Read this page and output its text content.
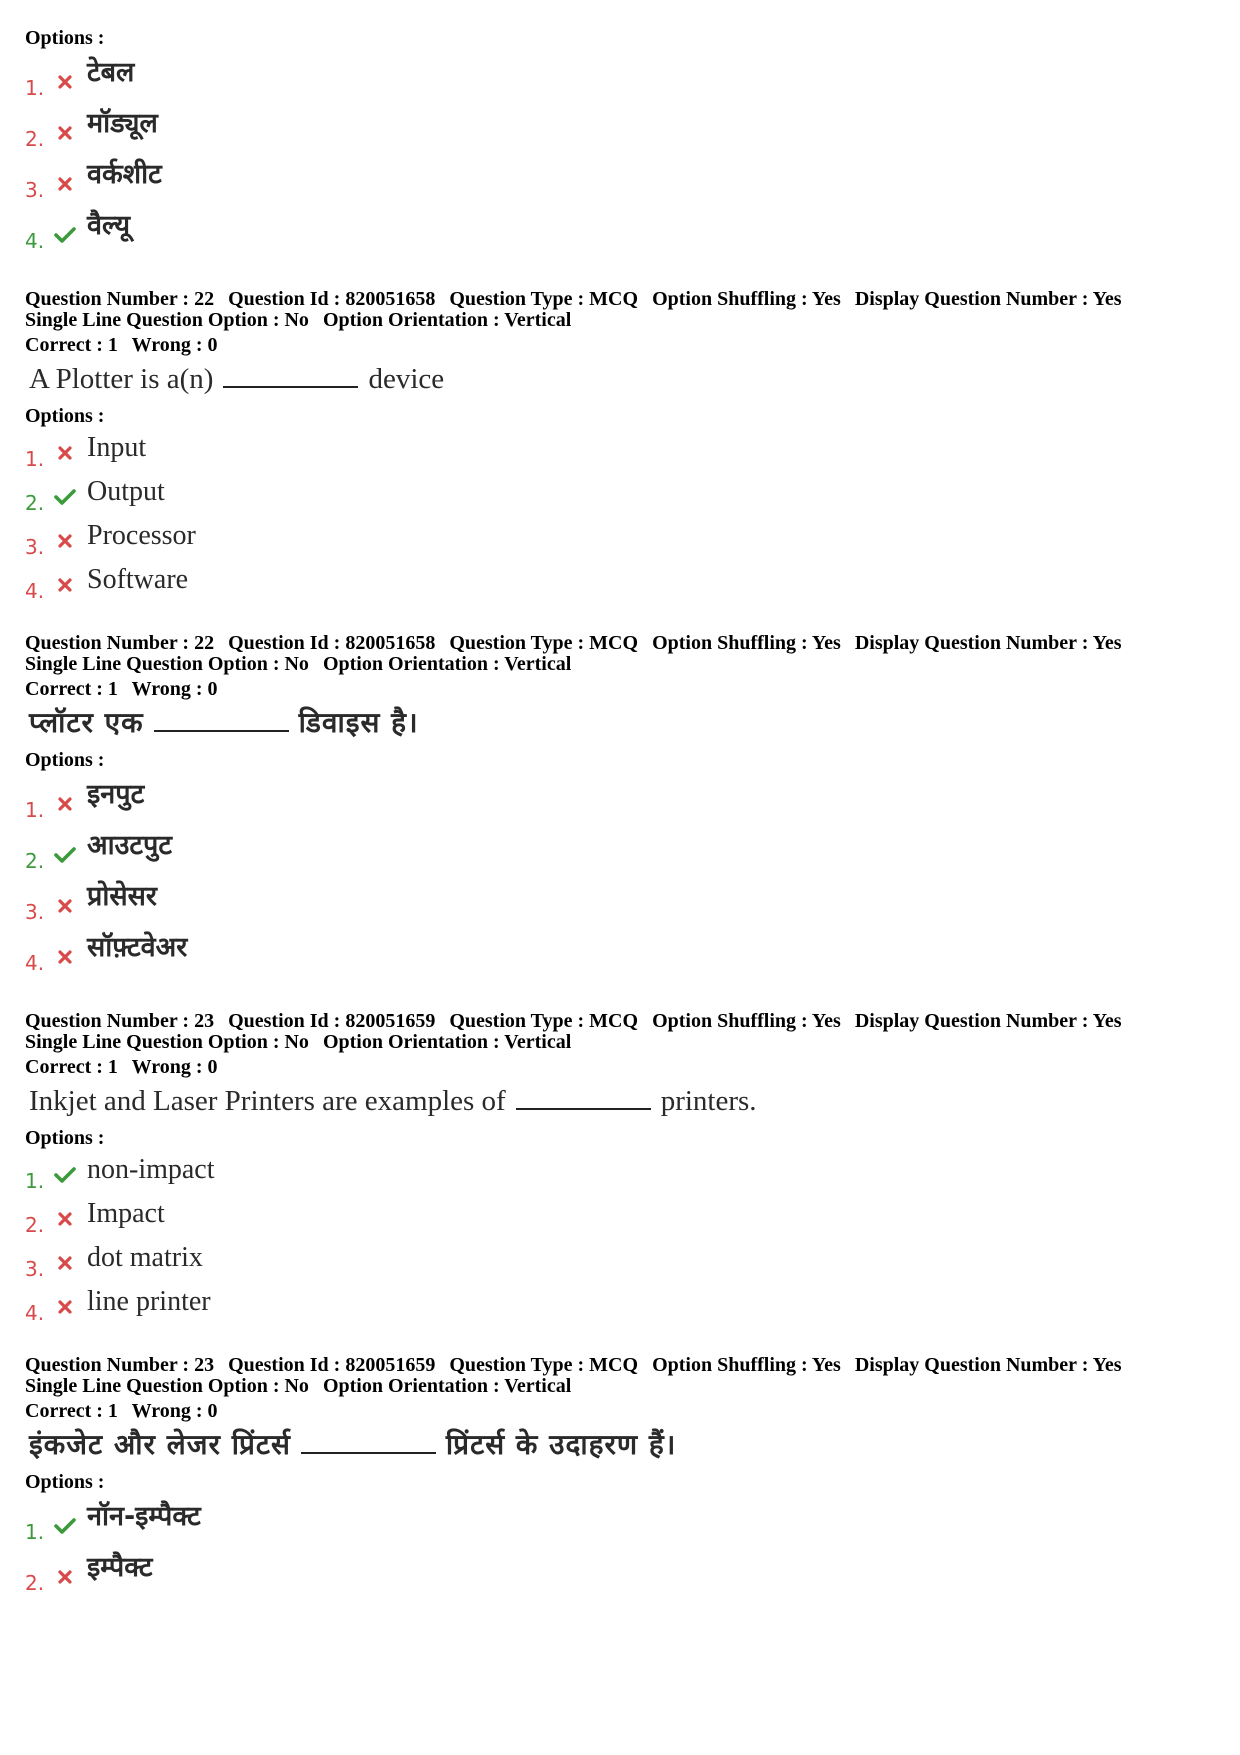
Options :
1. टेबल
2. मॉड्यूल
3. वर्कशीट
4. वैल्यू
Question Number : 22 Question Id : 820051658 Question Type : MCQ Option Shuffling : Yes Display Question Number : Yes
Single Line Question Option : No Option Orientation : Vertical
Correct : 1 Wrong : 0
A Plotter is a(n)	device
Options :
1. Input
2. Output
3. Processor
4. Software
Question Number : 22 Question Id : 820051658 Question Type : MCQ Option Shuffling : Yes Display Question Number : Yes
Single Line Question Option : No Option Orientation : Vertical
Correct : 1 Wrong : 0
प्लॉटर एक	डिवाइस है।
Options :
1. इनपुट
2. आउटपुट
3. प्रोसेसर
4. सॉफ़्टवेअर
Question Number : 23 Question Id : 820051659 Question Type : MCQ Option Shuffling : Yes Display Question Number : Yes
Single Line Question Option : No Option Orientation : Vertical
Correct : 1 Wrong : 0
Inkjet and Laser Printers are examples of	printers.
Options :
1. non-impact
2. Impact
3. dot matrix
4. line printer
Question Number : 23 Question Id : 820051659 Question Type : MCQ Option Shuffling : Yes Display Question Number : Yes
Single Line Question Option : No Option Orientation : Vertical
Correct : 1 Wrong : 0
इंकजेट और लेजर प्रिंटर्स	प्रिंटर्स के उदाहरण हैं।
Options :
1. नॉन-इम्पैक्ट
2. इम्पैक्ट
